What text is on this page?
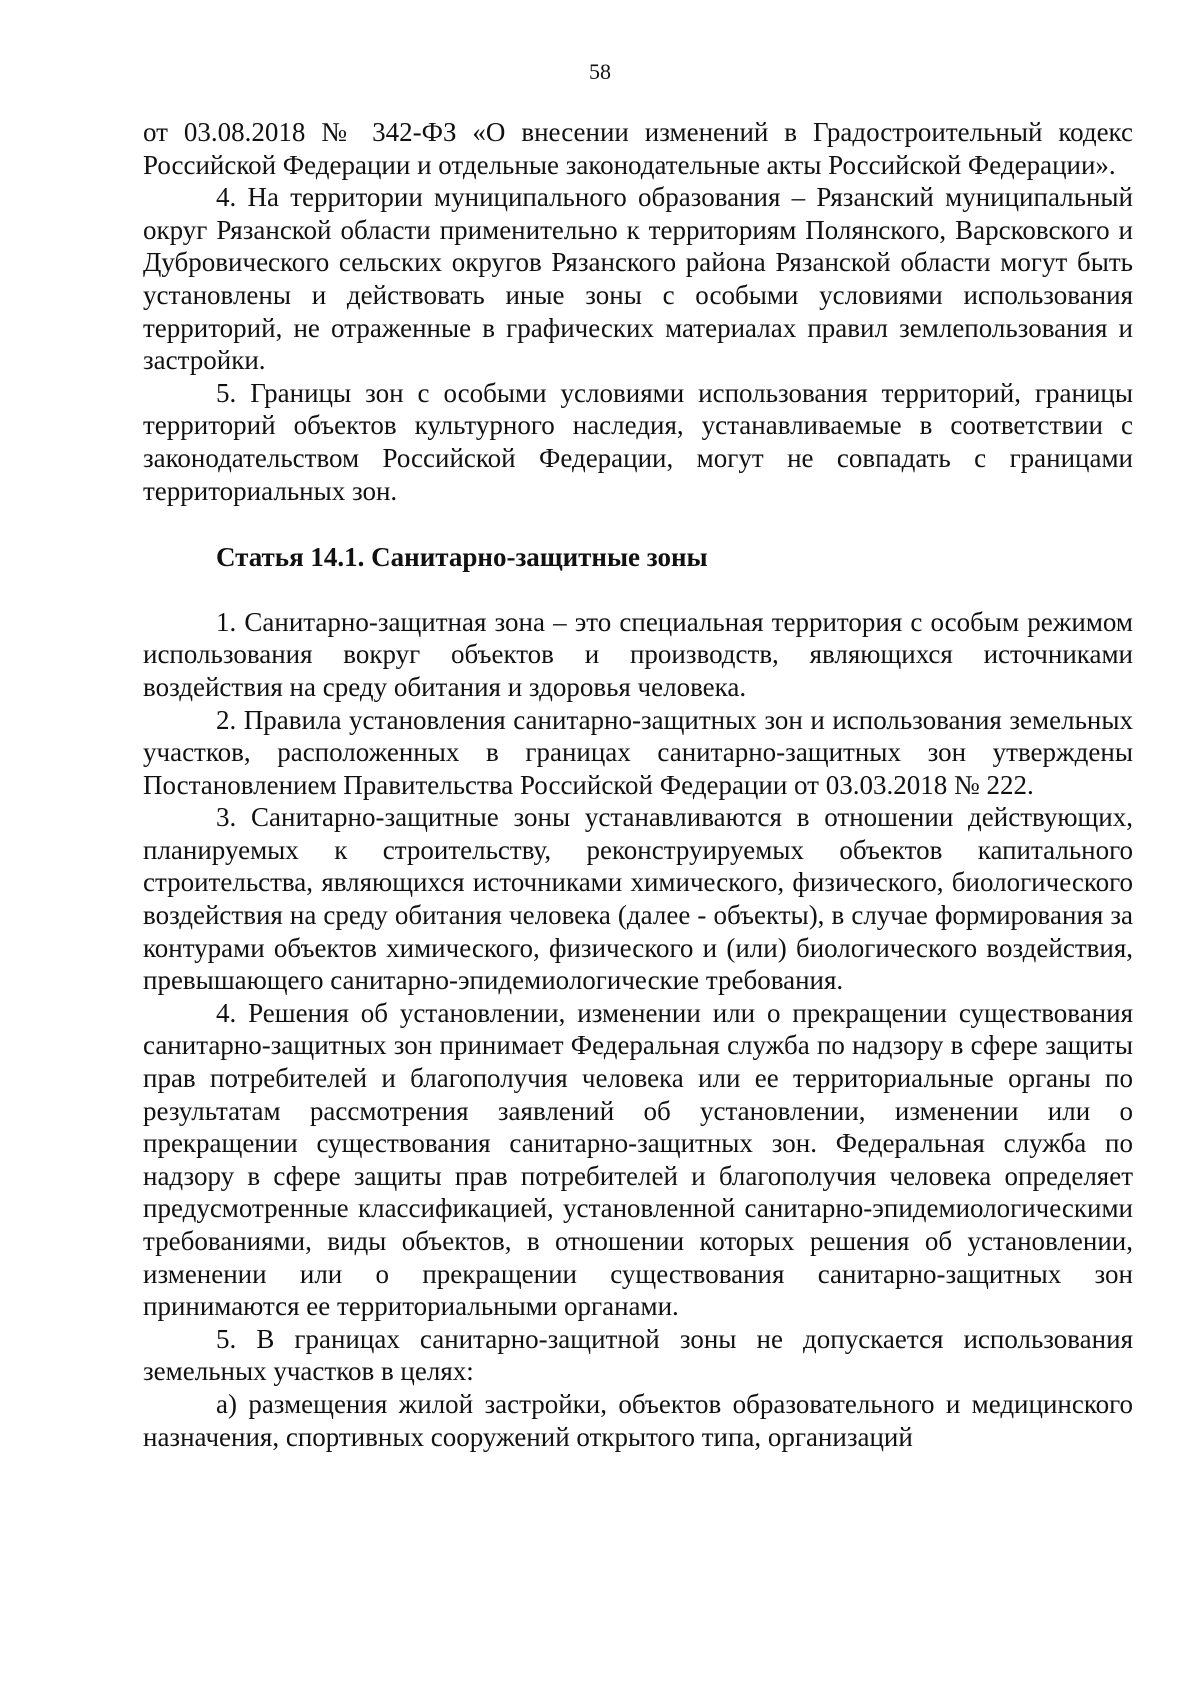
58

от 03.08.2018 № 342-ФЗ «О внесении изменений в Градостроительный кодекс Российской Федерации и отдельные законодательные акты Российской Федерации».

4. На территории муниципального образования – Рязанский муниципальный округ Рязанской области применительно к территориям Полянского, Варсковского и Дубровичеcкого сельских округов Рязанского района Рязанской области могут быть установлены и действовать иные зоны с особыми условиями использования территорий, не отраженные в графических материалах правил землепользования и застройки.

5. Границы зон с особыми условиями использования территорий, границы территорий объектов культурного наследия, устанавливаемые в соответствии с законодательством Российской Федерации, могут не совпадать с границами территориальных зон.

Статья 14.1. Санитарно-защитные зоны

1. Санитарно-защитная зона – это специальная территория с особым режимом использования вокруг объектов и производств, являющихся источниками воздействия на среду обитания и здоровья человека.

2. Правила установления санитарно-защитных зон и использования земельных участков, расположенных в границах санитарно-защитных зон утверждены Постановлением Правительства Российской Федерации от 03.03.2018 № 222.

3. Санитарно-защитные зоны устанавливаются в отношении действующих, планируемых к строительству, реконструируемых объектов капитального строительства, являющихся источниками химического, физического, биологического воздействия на среду обитания человека (далее - объекты), в случае формирования за контурами объектов химического, физического и (или) биологического воздействия, превышающего санитарно-эпидемиологические требования.

4. Решения об установлении, изменении или о прекращении существования санитарно-защитных зон принимает Федеральная служба по надзору в сфере защиты прав потребителей и благополучия человека или ее территориальные органы по результатам рассмотрения заявлений об установлении, изменении или о прекращении существования санитарно-защитных зон. Федеральная служба по надзору в сфере защиты прав потребителей и благополучия человека определяет предусмотренные классификацией, установленной санитарно-эпидемиологическими требованиями, виды объектов, в отношении которых решения об установлении, изменении или о прекращении существования санитарно-защитных зон принимаются ее территориальными органами.

5. В границах санитарно-защитной зоны не допускается использования земельных участков в целях:

а) размещения жилой застройки, объектов образовательного и медицинского назначения, спортивных сооружений открытого типа, организаций
